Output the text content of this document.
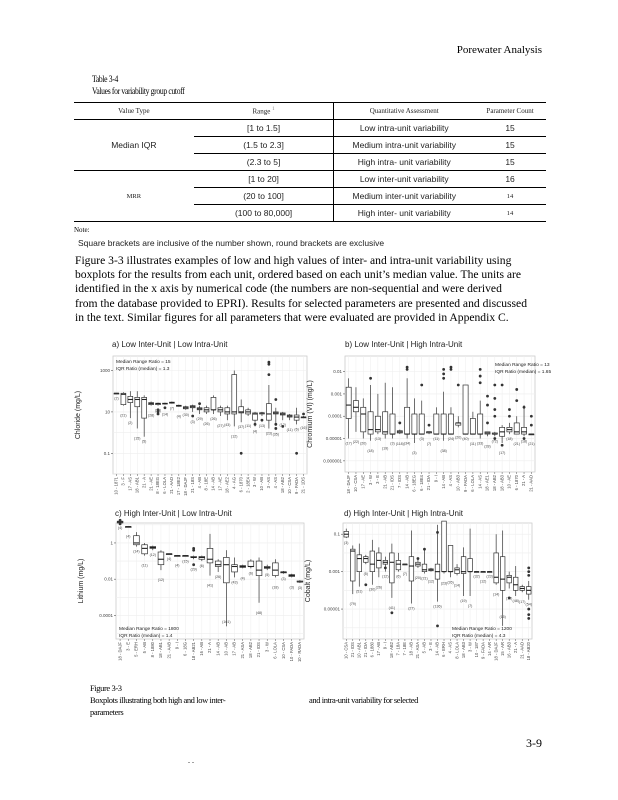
Porewater Analysis
Table 3-4
Values for variability group cutoff
Value Type	Range $^1$	Quantitative Assessment	Parameter Count
Median IQR	[1 to 1.5]	Low intra-unit variability	15
	(1.5 to 2.3]	Medium intra-unit variability	15
	(2.3 to 5]	High intra- unit variability	15
MRR	[1 to 20]	Low inter-unit variability	16
	(20 to 100]	Medium inter-unit variability	14
	(100 to 80,000]	High inter- unit variability	14
Note:
Square brackets are inclusive of the number shown, round brackets are exclusive

Figure 3-3 illustrates examples of low and high values of inter- and intra-unit variability using

boxplots for the results from each unit, ordered based on each unit’s median value. The units are

identified in the x axis by numerical code (the numbers are non-sequential and were derived

from the database provided to EPRI). Results for selected parameters are presented and discussed

in the text. Similar figures for all parameters that were evaluated are provided in Appendix C.

a) Low Inter-Unit | Low Intra-Unit	b) Low Inter-Unit | High Intra-Unit
c) High Inter-Unit | Low Intra-Unit	d) High Inter-Unit | High Intra-Unit
0.1
10
1000
Chloride (mg/L)	(2)
10 - 1871
(21)
3 - F
(2)
17 - AS
(15)
18 - AB1
(5)
21 - A
(28)
21 - AE
(36)
8 - 18EG
(14)
6 - LOLA
(7)
21 - AAD
(4)
17 - 18E2
(30)
18 - DAJF
(3)
21 - 18S
(29)
4 - AB
(26)
8 - 18E
(26)
14 - AB
(27)
17 - AE
(43)
18 - AE2
(12)
4 - AG
(37)
6 - 1870
(11)
2 - 18E4
(4)
3 - W
(13)
10 - AB
(23)
3 - AS
(35)
4 - AS
(12)
18 - AB2
(11)
10 - CSA
(6)
9 - FADA
(16)
21 - 1DS
Median Range Ratio = 15
IQR Ratio (median) = 1.3
0.000001
0.00001
0.0001
0.001
0.01
Chromium (VI) (mg/L)	(17)
18 - DAJF
(22)
10 - CSA
(20)
17 - AE
(18)
3 - W
(13)
3 - E
(19)
21 - AB
(3)
21 - IDS
(118)
7 - IDS
(34)
14 - AB
(3)
6 - 18EG
(3)
6 - 18E4
(7)
21 - IDA
(11)
9 - I
(38)
14 - AB
(24)
4 - AS
(20)
10 - AB3
(40)
9 - FADA
(11)
6 - LOLA
(33)
14 - AS
(28)
18 - AE1
(72)
18 - AB2
(17)
18 - AB3
(18)
10 - AE
(21)
6 - 1870
(18)
21 - A
(21)
21 - AAD
Median Range Ratio = 13
IQR Ratio (median) = 1.65
0.0001
0.01
1
Lithium (mg/L)
(4)
18 - DAJF
(4)
3 - E
(14)
5 - ERH
(11)
5 - AB
(12)
8 - 1880
(12)
18 - AB1
(4)
21 - AAB
(4)
9 - I
(15)
6 - 18G
(29)
18 - AB21
(6)
16 - AB
(41)
21 - A
(26)
14 - AB
(161)
10 - AB
(43)
17 - AB
(4)
21 - ASA
(6)
18 - AB2
(48)
21 - IDS
(5)
3 - W
(18)
6 - LOLA
(3)
10 - CSA
(3)
10 - FADA
(3)
10 - RADA
Median Range Ratio = 1800
IQR Ratio (median) = 1.4
0.00001
0.001
0.1
Cobalt (mg/L)
(3)
10 - CSA
(79)
21 - IDS
(51)
10 - AB1
(5)
21 - IDA
(30)
6 - 1880
(26)
17 - AB
(12)
9 - I
(41)
18 - AB2
(6)
7 - 18A
(7)
7 - 18E
(27)
18 - AB
(20)
21 - ASA
(21)
5 - AB
(12)
3 - E
(136)
14 - AB
(23)
6 - ERH
(26)
4 - AS
(14)
8 - LOLA
(19)
18 - AB3
(7)
3 - W
(32)
10 - 187
(12)
9 - FADA
(23)
14 - AR
(14)
18 - DAJF
(15)
15 - AR
(13)
16 - AB3
(48)
21 - A
(17)
21 - AAD
(54)
18 - AB20
Median Range Ratio = 1200
IQR Ratio (median) = 4.3
Figure 3-3
Boxplots illustrating both high and low inter-	and intra-unit variability for selected
parameters
3-9
. .
